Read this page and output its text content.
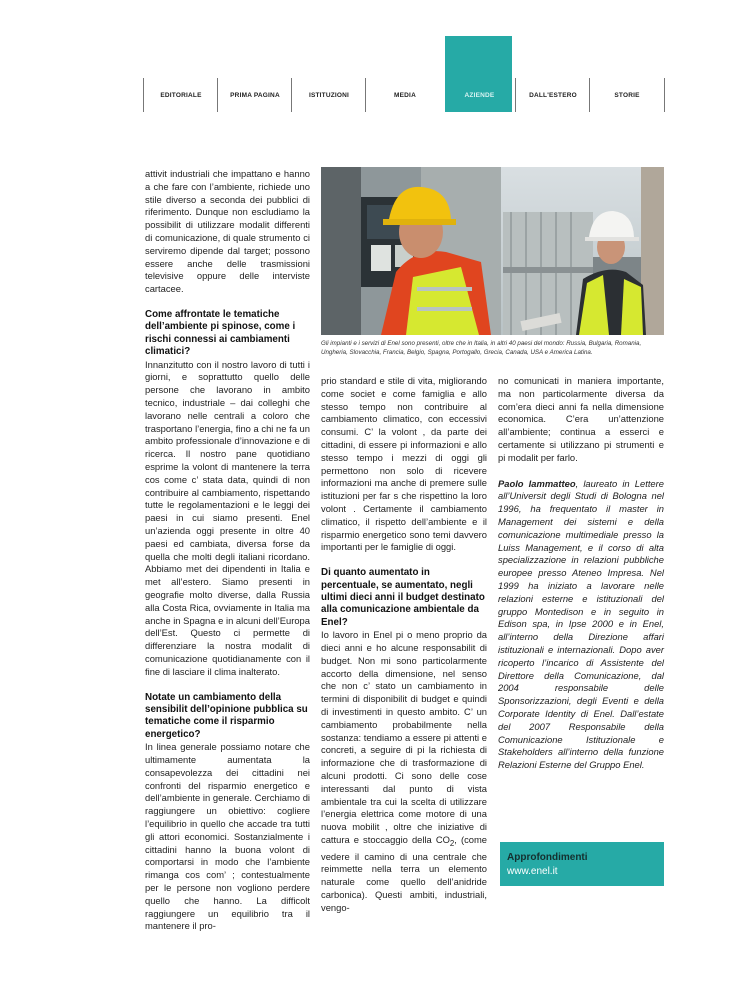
EDITORIALE	PRIMA PAGINA	ISTITUZIONI	MEDIA	AZIENDE	DALL'ESTERO	STORIE
Gli impianti e i servizi di Enel sono presenti, oltre che in Italia, in altri 40 paesi del mondo: Russia, Bulgaria, Romania, Ungheria, Slovacchia, Francia, Belgio, Spagna, Portogallo, Grecia, Canada, USA e America Latina.

attivit industriali che impattano e hanno a che fare con l’ambiente, richiede uno stile diverso a seconda dei pubblici di riferimento. Dunque non escludiamo la possibilit di utilizzare modalit differenti di comunicazione, di quale strumento ci serviremo dipende dal target; possono essere anche delle trasmissioni televisive oppure delle interviste cartacee.

Come affrontate le tematiche dell’ambiente pi spinose, come i rischi connessi ai cambiamenti climatici?

Innanzitutto con il nostro lavoro di tutti i giorni, e soprattutto quello delle persone che lavorano in ambito tecnico, industriale – dai colleghi che lavorano nelle centrali a coloro che trasportano l’energia, fino a chi ne fa un ambito professionale d’innovazione e di ricerca. Il nostro pane quotidiano esprime la volont di mantenere la terra cos come c’ stata data, quindi di non contribuire al cambiamento, rispettando tutte le regolamentazioni e le leggi dei paesi in cui siamo presenti. Enel un’azienda oggi presente in oltre 40 paesi ed cambiata, diversa forse da quella che molti degli italiani ricordano. Abbiamo met dei dipendenti in Italia e met all’estero. Siamo presenti in geografie molto diverse, dalla Russia alla Costa Rica, ovviamente in Italia ma anche in Spagna e in alcuni dell’Europa dell’Est. Questo ci permette di differenziare la nostra modalit di comunicazione quotidianamente con il fine di lasciare il clima inalterato.

Notate un cambiamento della sensibilit dell’opinione pubblica su tematiche come il risparmio energetico?

In linea generale possiamo notare che ultimamente aumentata la consapevolezza dei cittadini nei confronti del risparmio energetico e dell’ambiente in generale. Cerchiamo di raggiungere un obiettivo: cogliere l’equilibrio in quello che accade tra tutti gli attori economici. Sostanzialmente i cittadini hanno la buona volont di comportarsi in modo che l’ambiente rimanga cos com’ ; contestualmente per le persone non vogliono perdere quello che hanno. La difficolt raggiungere un equilibrio tra il mantenere il pro-

prio standard e stile di vita, migliorando come societ e come famiglia e allo stesso tempo non contribuire al cambiamento climatico, con eccessivi consumi. C’ la volont , da parte dei cittadini, di essere pi informazioni e allo stesso tempo i mezzi di oggi gli permettono non solo di ricevere informazioni ma anche di premere sulle istituzioni per far s che rispettino la loro volont . Certamente il cambiamento climatico, il rispetto dell’ambiente e il risparmio energetico sono temi davvero importanti per le famiglie di oggi.

Di quanto aumentato in percentuale, se aumentato, negli ultimi dieci anni il budget destinato alla comunicazione ambientale da Enel?

Io lavoro in Enel pi o meno proprio da dieci anni e ho alcune responsabilit di budget. Non mi sono particolarmente accorto della dimensione, nel senso che non c’ stato un cambiamento in termini di disponibilit di budget e quindi di investimenti in questo ambito. C’ un cambiamento probabilmente nella sostanza: tendiamo a essere pi attenti e concreti, a seguire di pi la richiesta di informazione che di trasformazione di alcuni prodotti. Ci sono delle cose interessanti dal punto di vista ambientale tra cui la scelta di utilizzare l’energia elettrica come motore di una nuova mobilit , oltre che iniziative di cattura e stoccaggio della $CO_2$, (come vedere il camino di una centrale che reimmette nella terra un elemento naturale come quello dell’anidride carbonica). Questi ambiti, industriali, vengo-

no comunicati in maniera importante, ma non particolarmente diversa da com’era dieci anni fa nella dimensione economica. C’era un’attenzione all’ambiente; continua a esserci e certamente si utilizzano pi strumenti e pi modalit per farlo.

Paolo Iammatteo, laureato in Lettere all’Universit degli Studi di Bologna nel 1996, ha frequentato il master in Management dei sistemi e della comunicazione multimediale presso la Luiss Management, e il corso di alta specializzazione in relazioni pubbliche europee presso Ateneo Impresa. Nel 1999 ha iniziato a lavorare nelle relazioni esterne e istituzionali del gruppo Montedison e in seguito in Edison spa, in Ipse 2000 e in Enel, all’interno della Direzione affari istituzionali e internazionali. Dopo aver ricoperto l’incarico di Assistente del Direttore della Comunicazione, dal 2004 responsabile delle Sponsorizzazioni, degli Eventi e della Corporate Identity di Enel. Dall’estate del 2007 Responsabile della Comunicazione Istituzionale e Stakeholders all’interno della funzione Relazioni Esterne del Gruppo Enel.

Approfondimenti
www.enel.it
